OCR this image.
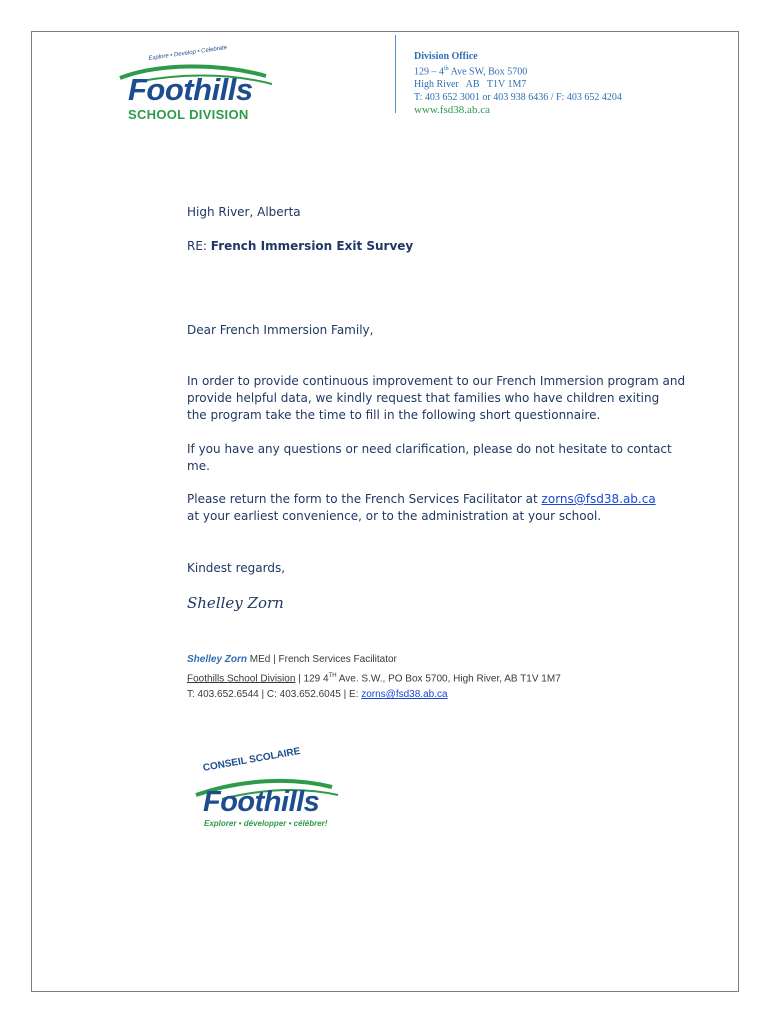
Explore • Develop • Celebrate
Foothills
SCHOOL DIVISION
Division Office
129 – 4th Ave SW, Box 5700
High River   AB   T1V 1M7
T: 403 652 3001 or 403 938 6436 / F: 403 652 4204
www.fsd38.ab.ca
High River, Alberta
RE: French Immersion Exit Survey
Dear French Immersion Family,
In order to provide continuous improvement to our French Immersion program and
provide helpful data, we kindly request that families who have children exiting
the program take the time to fill in the following short questionnaire.
If you have any questions or need clarification, please do not hesitate to contact
me.
Please return the form to the French Services Facilitator at zorns@fsd38.ab.ca
at your earliest convenience, or to the administration at your school.
Kindest regards,
Shelley Zorn
Shelley Zorn MEd | French Services Facilitator
Foothills School Division | 129 4TH Ave. S.W., PO Box 5700, High River, AB T1V 1M7
T: 403.652.6544 | C: 403.652.6045 | E: zorns@fsd38.ab.ca
CONSEIL SCOLAIRE
Foothills
Explorer • développer • célébrer!
